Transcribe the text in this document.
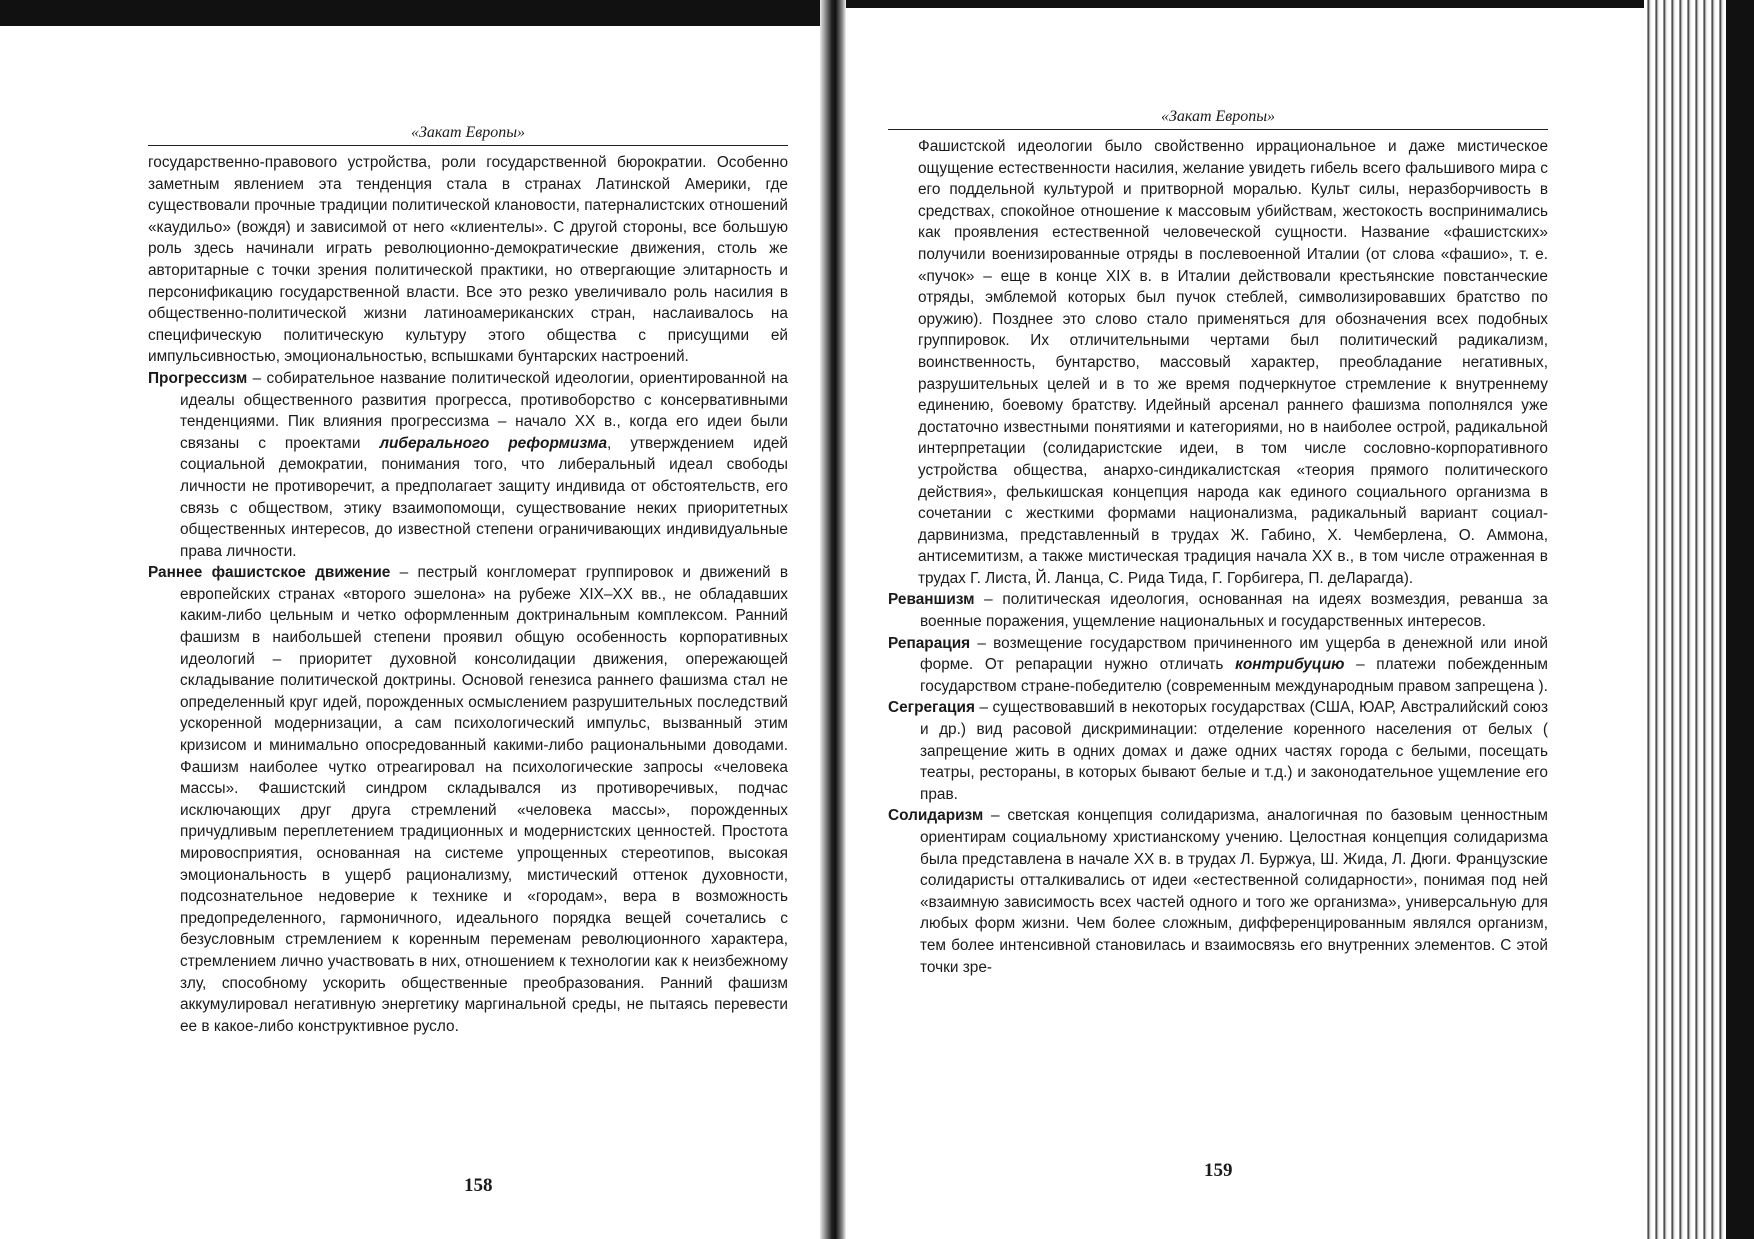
«Закат Европы»

государственно-правового устройства, роли государственной бюрократии. Особенно заметным явлением эта тенденция стала в странах Латинской Америки, где существовали прочные традиции политической клановости, патерналистских отношений «каудильо» (вождя) и зависимой от него «клиентелы». С другой стороны, все большую роль здесь начинали играть революционно-демократические движения, столь же авторитарные с точки зрения политической практики, но отвергающие элитарность и персонификацию государственной власти. Все это резко увеличивало роль насилия в общественно-политической жизни латиноамериканских стран, наслаивалось на специфическую политическую культуру этого общества с присущими ей импульсивностью, эмоциональностью, вспышками бунтарских настроений.

Прогрессизм – собирательное название политической идеологии, ориентированной на идеалы общественного развития прогресса, противоборство с консервативными тенденциями. Пик влияния прогрессизма – начало XX в., когда его идеи были связаны с проектами либерального реформизма, утверждением идей социальной демократии, понимания того, что либеральный идеал свободы личности не противоречит, а предполагает защиту индивида от обстоятельств, его связь с обществом, этику взаимопомощи, существование неких приоритетных общественных интересов, до известной степени ограничивающих индивидуальные права личности.

Раннее фашистское движение – пестрый конгломерат группировок и движений в европейских странах «второго эшелона» на рубеже XIX–XX вв., не обладавших каким-либо цельным и четко оформленным доктринальным комплексом. Ранний фашизм в наибольшей степени проявил общую особенность корпоративных идеологий – приоритет духовной консолидации движения, опережающей складывание политической доктрины. Основой генезиса раннего фашизма стал не определенный круг идей, порожденных осмыслением разрушительных последствий ускоренной модернизации, а сам психологический импульс, вызванный этим кризисом и минимально опосредованный какими-либо рациональными доводами. Фашизм наиболее чутко отреагировал на психологические запросы «человека массы». Фашистский синдром складывался из противоречивых, подчас исключающих друг друга стремлений «человека массы», порожденных причудливым переплетением традиционных и модернистских ценностей. Простота мировосприятия, основанная на системе упрощенных стереотипов, высокая эмоциональность в ущерб рационализму, мистический оттенок духовности, подсознательное недоверие к технике и «городам», вера в возможность предопределенного, гармоничного, идеального порядка вещей сочетались с безусловным стремлением к коренным переменам революционного характера, стремлением лично участвовать в них, отношением к технологии как к неизбежному злу, способному ускорить общественные преобразования. Ранний фашизм аккумулировал негативную энергетику маргинальной среды, не пытаясь перевести ее в какое-либо конструктивное русло.

158
«Закат Европы»

Фашистской идеологии было свойственно иррациональное и даже мистическое ощущение естественности насилия, желание увидеть гибель всего фальшивого мира с его поддельной культурой и притворной моралью. Культ силы, неразборчивость в средствах, спокойное отношение к массовым убийствам, жестокость воспринимались как проявления естественной человеческой сущности. Название «фашистских» получили военизированные отряды в послевоенной Италии (от слова «фашио», т. е. «пучок» – еще в конце XIX в. в Италии действовали крестьянские повстанческие отряды, эмблемой которых был пучок стеблей, символизировавших братство по оружию). Позднее это слово стало применяться для обозначения всех подобных группировок. Их отличительными чертами был политический радикализм, воинственность, бунтарство, массовый характер, преобладание негативных, разрушительных целей и в то же время подчеркнутое стремление к внутреннему единению, боевому братству. Идейный арсенал раннего фашизма пополнялся уже достаточно известными понятиями и категориями, но в наиболее острой, радикальной интерпретации (солидаристские идеи, в том числе сословно-корпоративного устройства общества, анархо-синдикалистская «теория прямого политического действия», фелькишская концепция народа как единого социального организма в сочетании с жесткими формами национализма, радикальный вариант социал-дарвинизма, представленный в трудах Ж. Габино, Х. Чемберлена, О. Аммона, антисемитизм, а также мистическая традиция начала XX в., в том числе отраженная в трудах Г. Листа, Й. Ланца, С. Рида Тида, Г. Горбигера, П. деЛарагда).

Реваншизм – политическая идеология, основанная на идеях возмездия, реванша за военные поражения, ущемление национальных и государственных интересов.

Репарация – возмещение государством причиненного им ущерба в денежной или иной форме. От репарации нужно отличать контрибуцию – платежи побежденным государством стране-победителю (современным международным правом запрещена ).

Сегрегация – существовавший в некоторых государствах (США, ЮАР, Австралийский союз и др.) вид расовой дискриминации: отделение коренного населения от белых ( запрещение жить в одних домах и даже одних частях города с белыми, посещать театры, рестораны, в которых бывают белые и т.д.) и законодательное ущемление его прав.

Солидаризм – светская концепция солидаризма, аналогичная по базовым ценностным ориентирам социальному христианскому учению. Целостная концепция солидаризма была представлена в начале XX в. в трудах Л. Буржуа, Ш. Жида, Л. Дюги. Французские солидаристы отталкивались от идеи «естественной солидарности», понимая под ней «взаимную зависимость всех частей одного и того же организма», универсальную для любых форм жизни. Чем более сложным, дифференцированным являлся организм, тем более интенсивной становилась и взаимосвязь его внутренних элементов. С этой точки зре-

159
